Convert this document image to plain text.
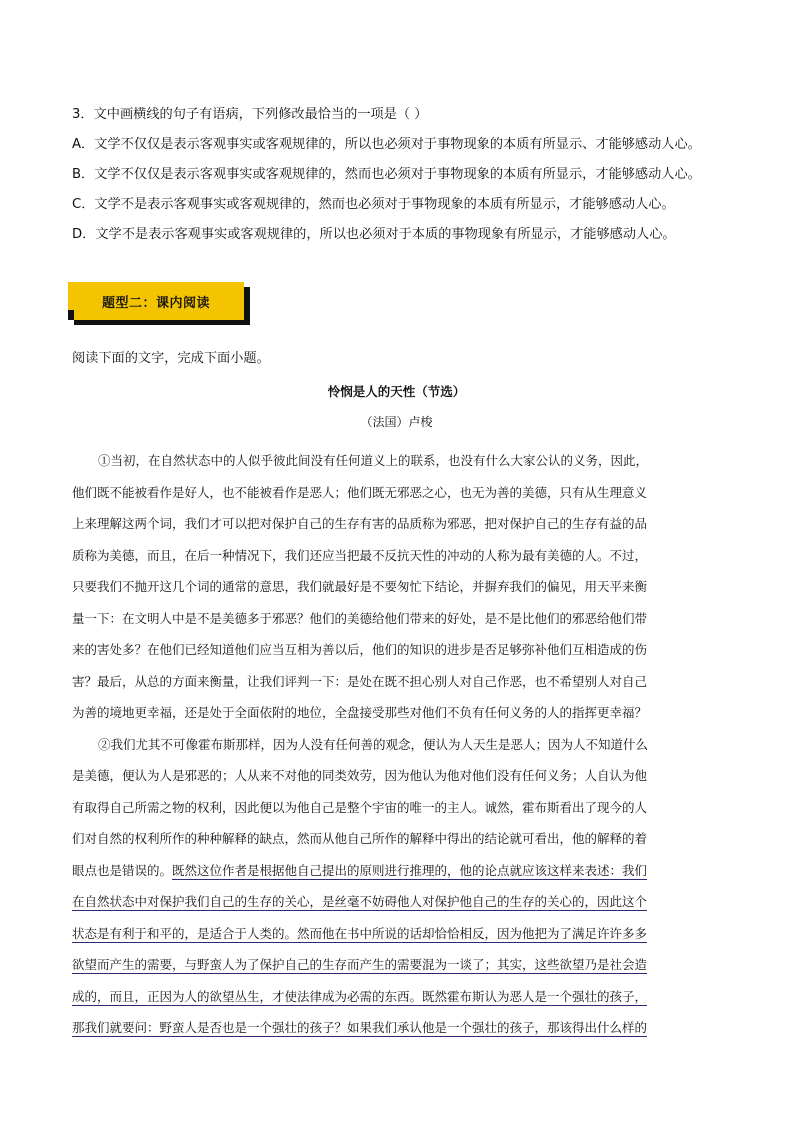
3．文中画横线的句子有语病，下列修改最恰当的一项是（ ）
A．文学不仅仅是表示客观事实或客观规律的，所以也必须对于事物现象的本质有所显示、才能够感动人心。
B．文学不仅仅是表示客观事实或客观规律的，然而也必须对于事物现象的本质有所显示，才能够感动人心。
C．文学不是表示客观事实或客观规律的，然而也必须对于事物现象的本质有所显示，才能够感动人心。
D．文学不是表示客观事实或客观规律的，所以也必须对于本质的事物现象有所显示，才能够感动人心。
题型二：课内阅读
阅读下面的文字，完成下面小题。
怜悯是人的天性（节选）
（法国）卢梭
①当初，在自然状态中的人似乎彼此间没有任何道义上的联系，也没有什么大家公认的义务，因此，
他们既不能被看作是好人，也不能被看作是恶人；他们既无邪恶之心，也无为善的美德，只有从生理意义
上来理解这两个词，我们才可以把对保护自己的生存有害的品质称为邪恶，把对保护自己的生存有益的品
质称为美德，而且，在后一种情况下，我们还应当把最不反抗天性的冲动的人称为最有美德的人。不过，
只要我们不抛开这几个词的通常的意思，我们就最好是不要匆忙下结论，并摒弃我们的偏见，用天平来衡
量一下：在文明人中是不是美德多于邪恶？他们的美德给他们带来的好处，是不是比他们的邪恶给他们带
来的害处多？在他们已经知道他们应当互相为善以后，他们的知识的进步是否足够弥补他们互相造成的伤
害？最后，从总的方面来衡量，让我们评判一下：是处在既不担心别人对自己作恶，也不希望别人对自己
为善的境地更幸福，还是处于全面依附的地位，全盘接受那些对他们不负有任何义务的人的指挥更幸福？
②我们尤其不可像霍布斯那样，因为人没有任何善的观念，便认为人天生是恶人；因为人不知道什么
是美德，便认为人是邪恶的；人从来不对他的同类效劳，因为他认为他对他们没有任何义务；人自认为他
有取得自己所需之物的权利，因此便以为他自己是整个宇宙的唯一的主人。诚然，霍布斯看出了现今的人
们对自然的权利所作的种种解释的缺点，然而从他自己所作的解释中得出的结论就可看出，他的解释的着
眼点也是错误的。既然这位作者是根据他自己提出的原则进行推理的，他的论点就应该这样来表述：我们
在自然状态中对保护我们自己的生存的关心，是丝毫不妨碍他人对保护他自己的生存的关心的，因此这个
状态是有利于和平的，是适合于人类的。然而他在书中所说的话却恰恰相反，因为他把为了满足许许多多
欲望而产生的需要，与野蛮人为了保护自己的生存而产生的需要混为一谈了；其实，这些欲望乃是社会造
成的，而且，正因为人的欲望丛生，才使法律成为必需的东西。既然霍布斯认为恶人是一个强壮的孩子，
那我们就要问：野蛮人是否也是一个强壮的孩子？如果我们承认他是一个强壮的孩子，那该得出什么样的
